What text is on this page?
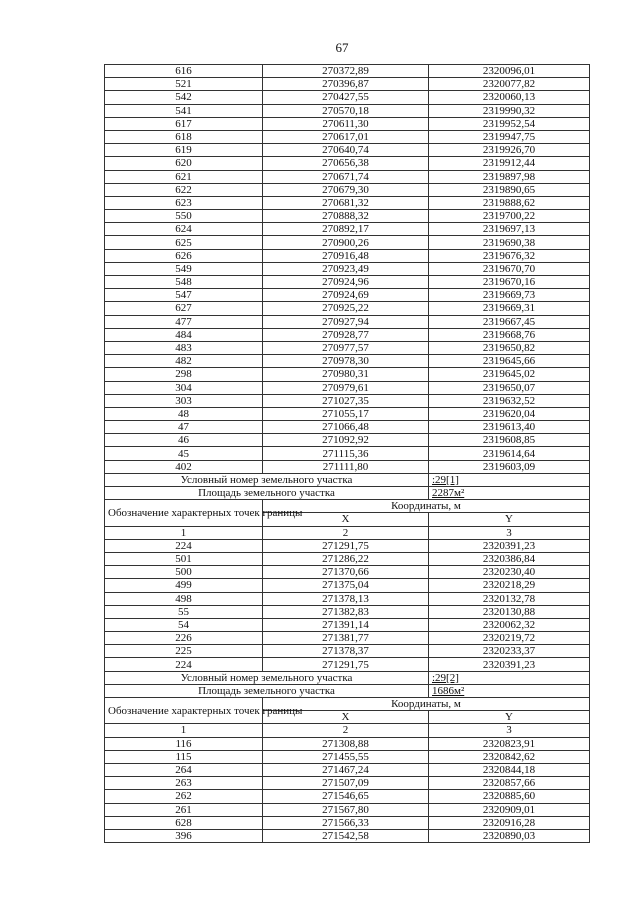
67
616	270372,89	2320096,01
521	270396,87	2320077,82
542	270427,55	2320060,13
541	270570,18	2319990,32
617	270611,30	2319952,54
618	270617,01	2319947,75
619	270640,74	2319926,70
620	270656,38	2319912,44
621	270671,74	2319897,98
622	270679,30	2319890,65
623	270681,32	2319888,62
550	270888,32	2319700,22
624	270892,17	2319697,13
625	270900,26	2319690,38
626	270916,48	2319676,32
549	270923,49	2319670,70
548	270924,96	2319670,16
547	270924,69	2319669,73
627	270925,22	2319669,31
477	270927,94	2319667,45
484	270928,77	2319668,76
483	270977,57	2319650,82
482	270978,30	2319645,66
298	270980,31	2319645,02
304	270979,61	2319650,07
303	271027,35	2319632,52
48	271055,17	2319620,04
47	271066,48	2319613,40
46	271092,92	2319608,85
45	271115,36	2319614,64
402	271111,80	2319603,09
Условный номер земельного участка		:29[1]
Площадь земельного участка		2287м²
Обозначение характерных точек границы	Координаты, м	
	X	Y
1	2	3
224	271291,75	2320391,23
501	271286,22	2320386,84
500	271370,66	2320230,40
499	271375,04	2320218,29
498	271378,13	2320132,78
55	271382,83	2320130,88
54	271391,14	2320062,32
226	271381,77	2320219,72
225	271378,37	2320233,37
224	271291,75	2320391,23
Условный номер земельного участка		:29[2]
Площадь земельного участка		1686м²
Обозначение характерных точек границы	Координаты, м	
	X	Y
1	2	3
116	271308,88	2320823,91
115	271455,55	2320842,62
264	271467,24	2320844,18
263	271507,09	2320857,66
262	271546,65	2320885,60
261	271567,80	2320909,01
628	271566,33	2320916,28
396	271542,58	2320890,03
